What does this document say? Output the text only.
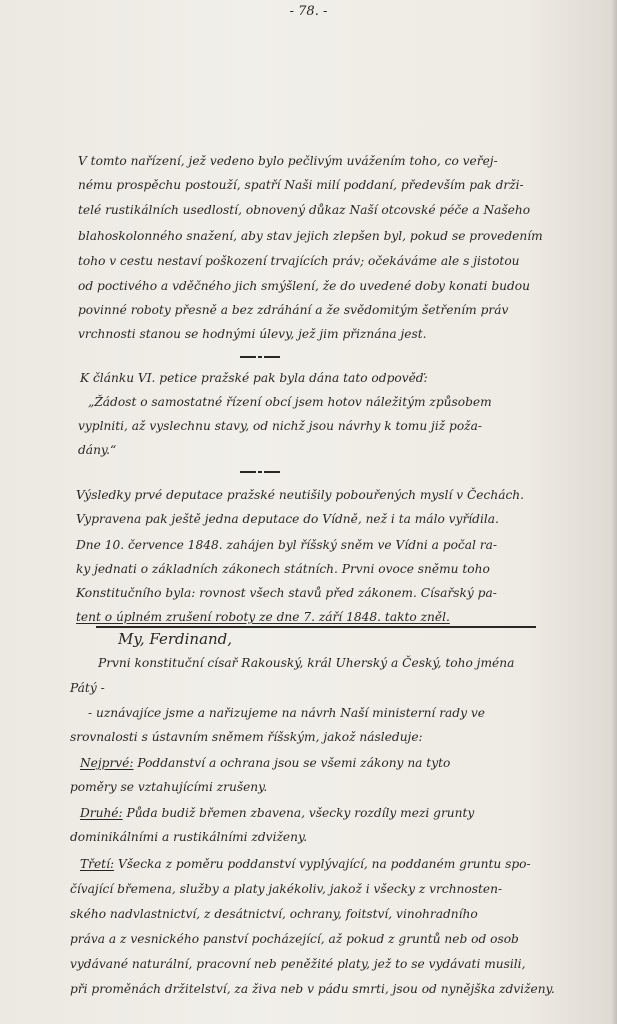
- 78. -
V tomto nařízení, jež vedeno bylo pečlivým uvážením toho, co veřej-
nému prospěchu postouží, spatří Naši milí poddaní, především pak drži-
telé rustikálních usedlostí, obnovený důkaz Naší otcovské péče a Našeho
blahoskolonného snažení, aby stav jejich zlepšen byl, pokud se provedením
toho v cestu nestaví poškození trvajících práv; očekáváme ale s jistotou
od poctivého a vděčného jich smýšlení, že do uvedené doby konati budou
povinné roboty přesně a bez zdráhání a že svědomitým šetřením práv
vrchnosti stanou se hodnými úlevy, jež jim přiznána jest.
K článku VI. petice pražské pak byla dána tato odpověď:
„Žádost o samostatné řízení obcí jsem hotov náležitým způsobem
vyplniti, až vyslechnu stavy, od nichž jsou návrhy k tomu již poža-
dány.“
Výsledky prvé deputace pražské neutišily pobouřených myslí v Čechách.
Vypravena pak ještě jedna deputace do Vídně, než i ta málo vyřídila.
Dne 10. července 1848. zahájen byl říšský sněm ve Vídni a počal ra-
ky jednati o základních zákonech státních. Prvni ovoce sněmu toho
Konstitučního byla: rovnost všech stavů před zákonem. Císařský pa-
tent o úplném zrušení roboty ze dne 7. září 1848. takto zněl.
My, Ferdinand,
Prvni konstituční císař Rakouský, král Uherský a Český, toho jména
Pátý -
- uznávajíce jsme a nařizujeme na návrh Naší ministerní rady ve
srovnalosti s ústavním sněmem říšským, jakož následuje:
Nejprvé: Poddanství a ochrana jsou se všemi zákony na tyto
poměry se vztahujícími zrušeny.
Druhé: Půda budiž břemen zbavena, všecky rozdíly mezi grunty
dominikálními a rustikálními zdviženy.
Třetí: Všecka z poměru poddanství vyplývající, na poddaném gruntu spo-
čívající břemena, služby a platy jakékoliv, jakož i všecky z vrchnosten-
ského nadvlastnictví, z desátnictví, ochrany, foitství, vinohradního
práva a z vesnického panství pocházející, až pokud z gruntů neb od osob
vydávané naturální, pracovní neb peněžité platy, jež to se vydávati musili,
při proměnách držitelství, za živa neb v pádu smrti, jsou od nynějška zdviženy.
